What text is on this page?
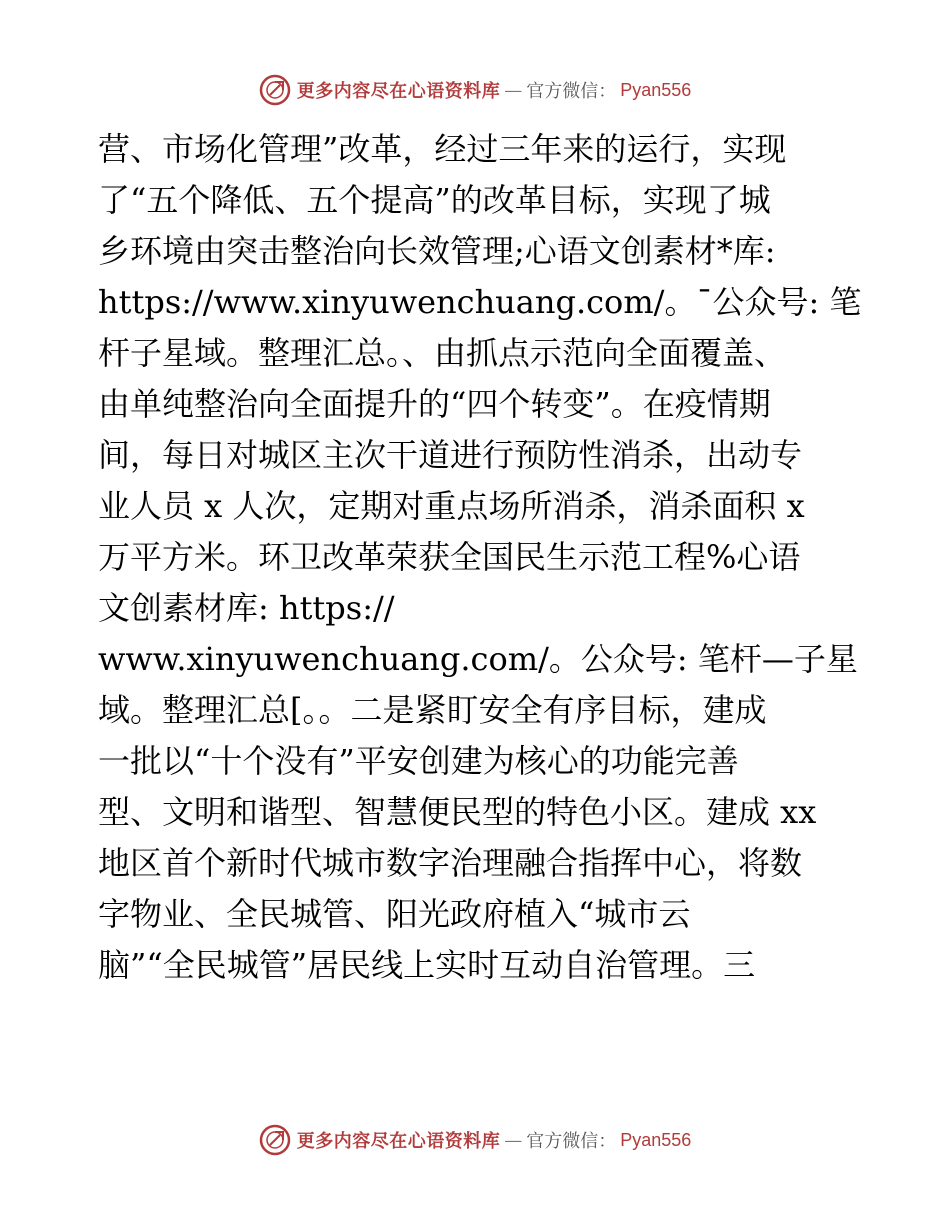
更多内容尽在心语资料库 — 官方微信： Pyan556
营、市场化管理”改革，经过三年来的运行，实现
了“五个降低、五个提高”的改革目标，实现了城
乡环境由突击整治向长效管理;心语文创素材*库:
https://www.xinyuwenchuang.com/。¯公众号: 笔
杆子星域。整理汇总。、由抓点示范向全面覆盖、
由单纯整治向全面提升的“四个转变”。在疫情期
间，每日对城区主次干道进行预防性消杀，出动专
业人员 x 人次，定期对重点场所消杀，消杀面积 x
万平方米。环卫改革荣获全国民生示范工程%心语
文创素材库: https://
www.xinyuwenchuang.com/。公众号: 笔杆—子星
域。整理汇总[。。二是紧盯安全有序目标，建成
一批以“十个没有”平安创建为核心的功能完善
型、文明和谐型、智慧便民型的特色小区。建成 xx
地区首个新时代城市数字治理融合指挥中心，将数
字物业、全民城管、阳光政府植入“城市云
脑”“全民城管”居民线上实时互动自治管理。三
更多内容尽在心语资料库 — 官方微信： Pyan556
